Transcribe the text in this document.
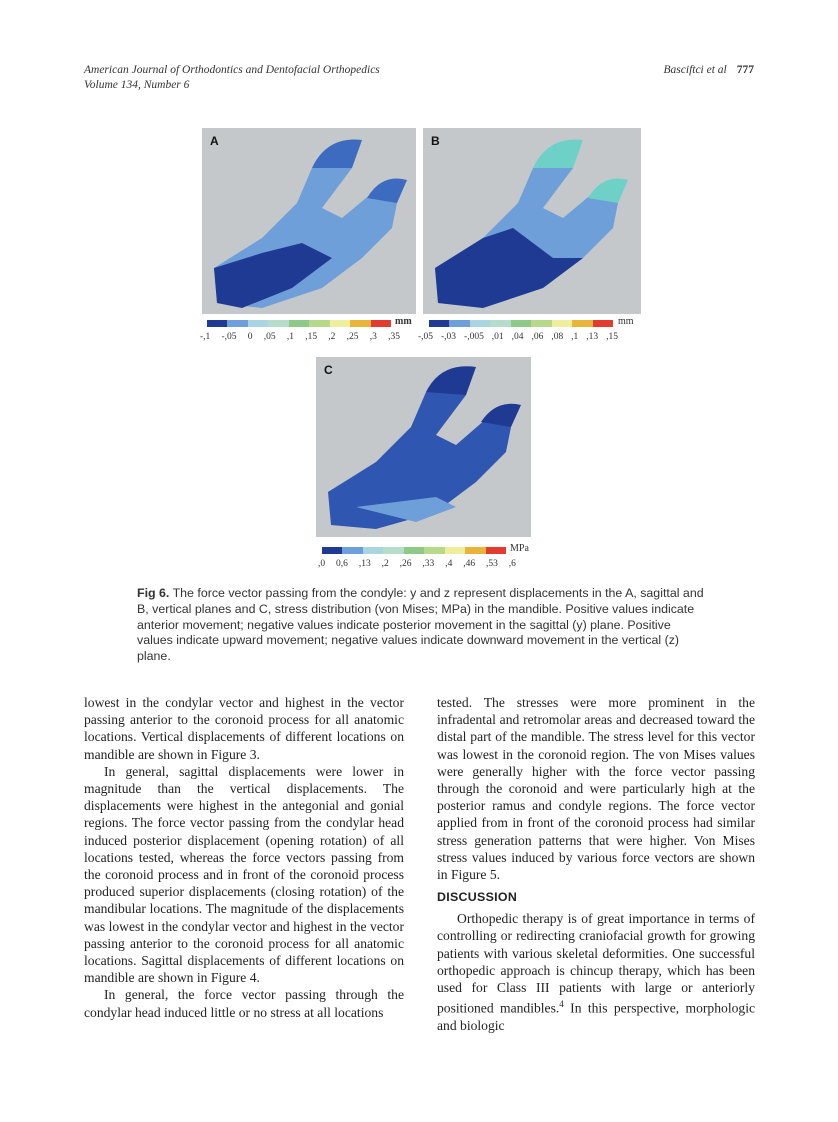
American Journal of Orthodontics and Dentofacial Orthopedics
Volume 134, Number 6
Basciftci et al 777
A	B
mm
-,1 -,05 0 ,05 ,1 ,15 ,2 ,25 ,3 ,35
mm
-,05 -,03 -,005 ,01 ,04 ,06 ,08 ,1 ,13 ,15
C
MPa
,0 0,6 ,13 ,2 ,26 ,33 ,4 ,46 ,53 ,6
Fig 6. The force vector passing from the condyle: y and z represent displacements in the A, sagittal and B, vertical planes and C, stress distribution (von Mises; MPa) in the mandible. Positive values indicate anterior movement; negative values indicate posterior movement in the sagittal (y) plane. Positive values indicate upward movement; negative values indicate downward movement in the vertical (z) plane.

lowest in the condylar vector and highest in the vector passing anterior to the coronoid process for all anatomic locations. Vertical displacements of different locations on mandible are shown in Figure 3.

In general, sagittal displacements were lower in magnitude than the vertical displacements. The displacements were highest in the antegonial and gonial regions. The force vector passing from the condylar head induced posterior displacement (opening rotation) of all locations tested, whereas the force vectors passing from the coronoid process and in front of the coronoid process produced superior displacements (closing rotation) of the mandibular locations. The magnitude of the displacements was lowest in the condylar vector and highest in the vector passing anterior to the coronoid process for all anatomic locations. Sagittal displacements of different locations on mandible are shown in Figure 4.

In general, the force vector passing through the condylar head induced little or no stress at all locations

tested. The stresses were more prominent in the infradental and retromolar areas and decreased toward the distal part of the mandible. The stress level for this vector was lowest in the coronoid region. The von Mises values were generally higher with the force vector passing through the coronoid and were particularly high at the posterior ramus and condyle regions. The force vector applied from in front of the coronoid process had similar stress generation patterns that were higher. Von Mises stress values induced by various force vectors are shown in Figure 5.

DISCUSSION

Orthopedic therapy is of great importance in terms of controlling or redirecting craniofacial growth for growing patients with various skeletal deformities. One successful orthopedic approach is chincup therapy, which has been used for Class III patients with large or anteriorly positioned mandibles.$^4$ In this perspective, morphologic and biologic
